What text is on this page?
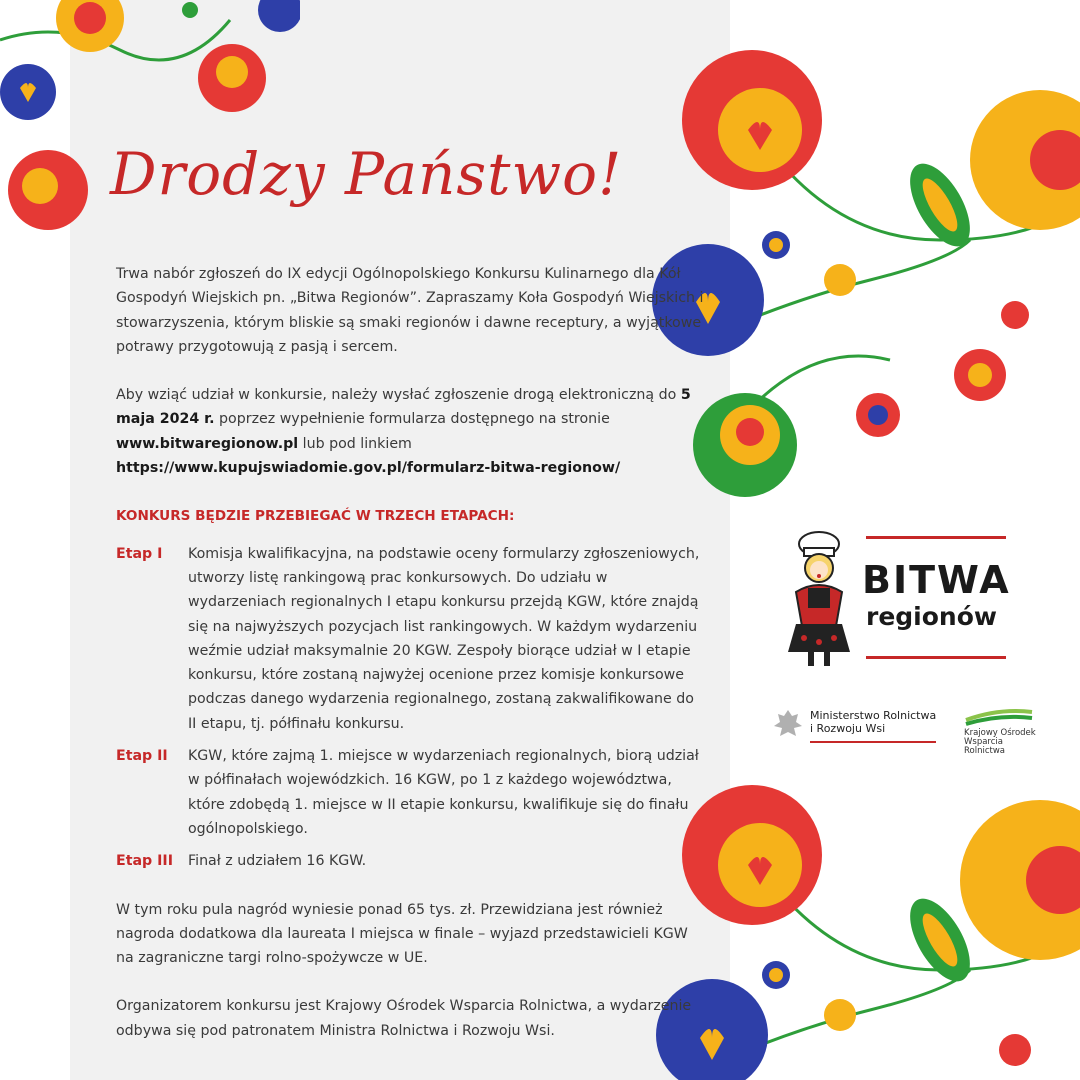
Drodzy Państwo!

Trwa nabór zgłoszeń do IX edycji Ogólnopolskiego Konkursu Kulinarnego dla Kół Gospodyń Wiejskich pn. „Bitwa Regionów”. Zapraszamy Koła Gospodyń Wiejskich i stowarzyszenia, którym bliskie są smaki regionów i dawne receptury, a wyjątkowe potrawy przygotowują z pasją i sercem.

Aby wziąć udział w konkursie, należy wysłać zgłoszenie drogą elektroniczną do 5 maja 2024 r. poprzez wypełnienie formularza dostępnego na stronie www.bitwaregionow.pl lub pod linkiem
https://www.kupujswiadomie.gov.pl/formularz-bitwa-regionow/

KONKURS BĘDZIE PRZEBIEGAĆ W TRZECH ETAPACH:
Etap I	Komisja kwalifikacyjna, na podstawie oceny formularzy zgłoszeniowych, utworzy listę rankingową prac konkursowych. Do udziału w wydarzeniach regionalnych I etapu konkursu przejdą KGW, które znajdą się na najwyższych pozycjach list rankingowych. W każdym wydarzeniu weźmie udział maksymalnie 20 KGW. Zespoły biorące udział w I etapie konkursu, które zostaną najwyżej ocenione przez komisje konkursowe podczas danego wydarzenia regionalnego, zostaną zakwalifikowane do II etapu, tj. półfinału konkursu.
Etap II	KGW, które zajmą 1. miejsce w wydarzeniach regionalnych, biorą udział w półfinałach wojewódzkich. 16 KGW, po 1 z każdego województwa, które zdobędą 1. miejsce w II etapie konkursu, kwalifikuje się do finału ogólnopolskiego.
Etap III	Finał z udziałem 16 KGW.

W tym roku pula nagród wyniesie ponad 65 tys. zł. Przewidziana jest również nagroda dodatkowa dla laureata I miejsca w finale – wyjazd przedstawicieli KGW na zagraniczne targi rolno-spożywcze w UE.

Organizatorem konkursu jest Krajowy Ośrodek Wsparcia Rolnictwa, a wydarzenie odbywa się pod patronatem Ministra Rolnictwa i Rozwoju Wsi.

BITWA
regionów
Ministerstwo Rolnictwa
i Rozwoju Wsi	Krajowy Ośrodek
Wsparcia Rolnictwa
